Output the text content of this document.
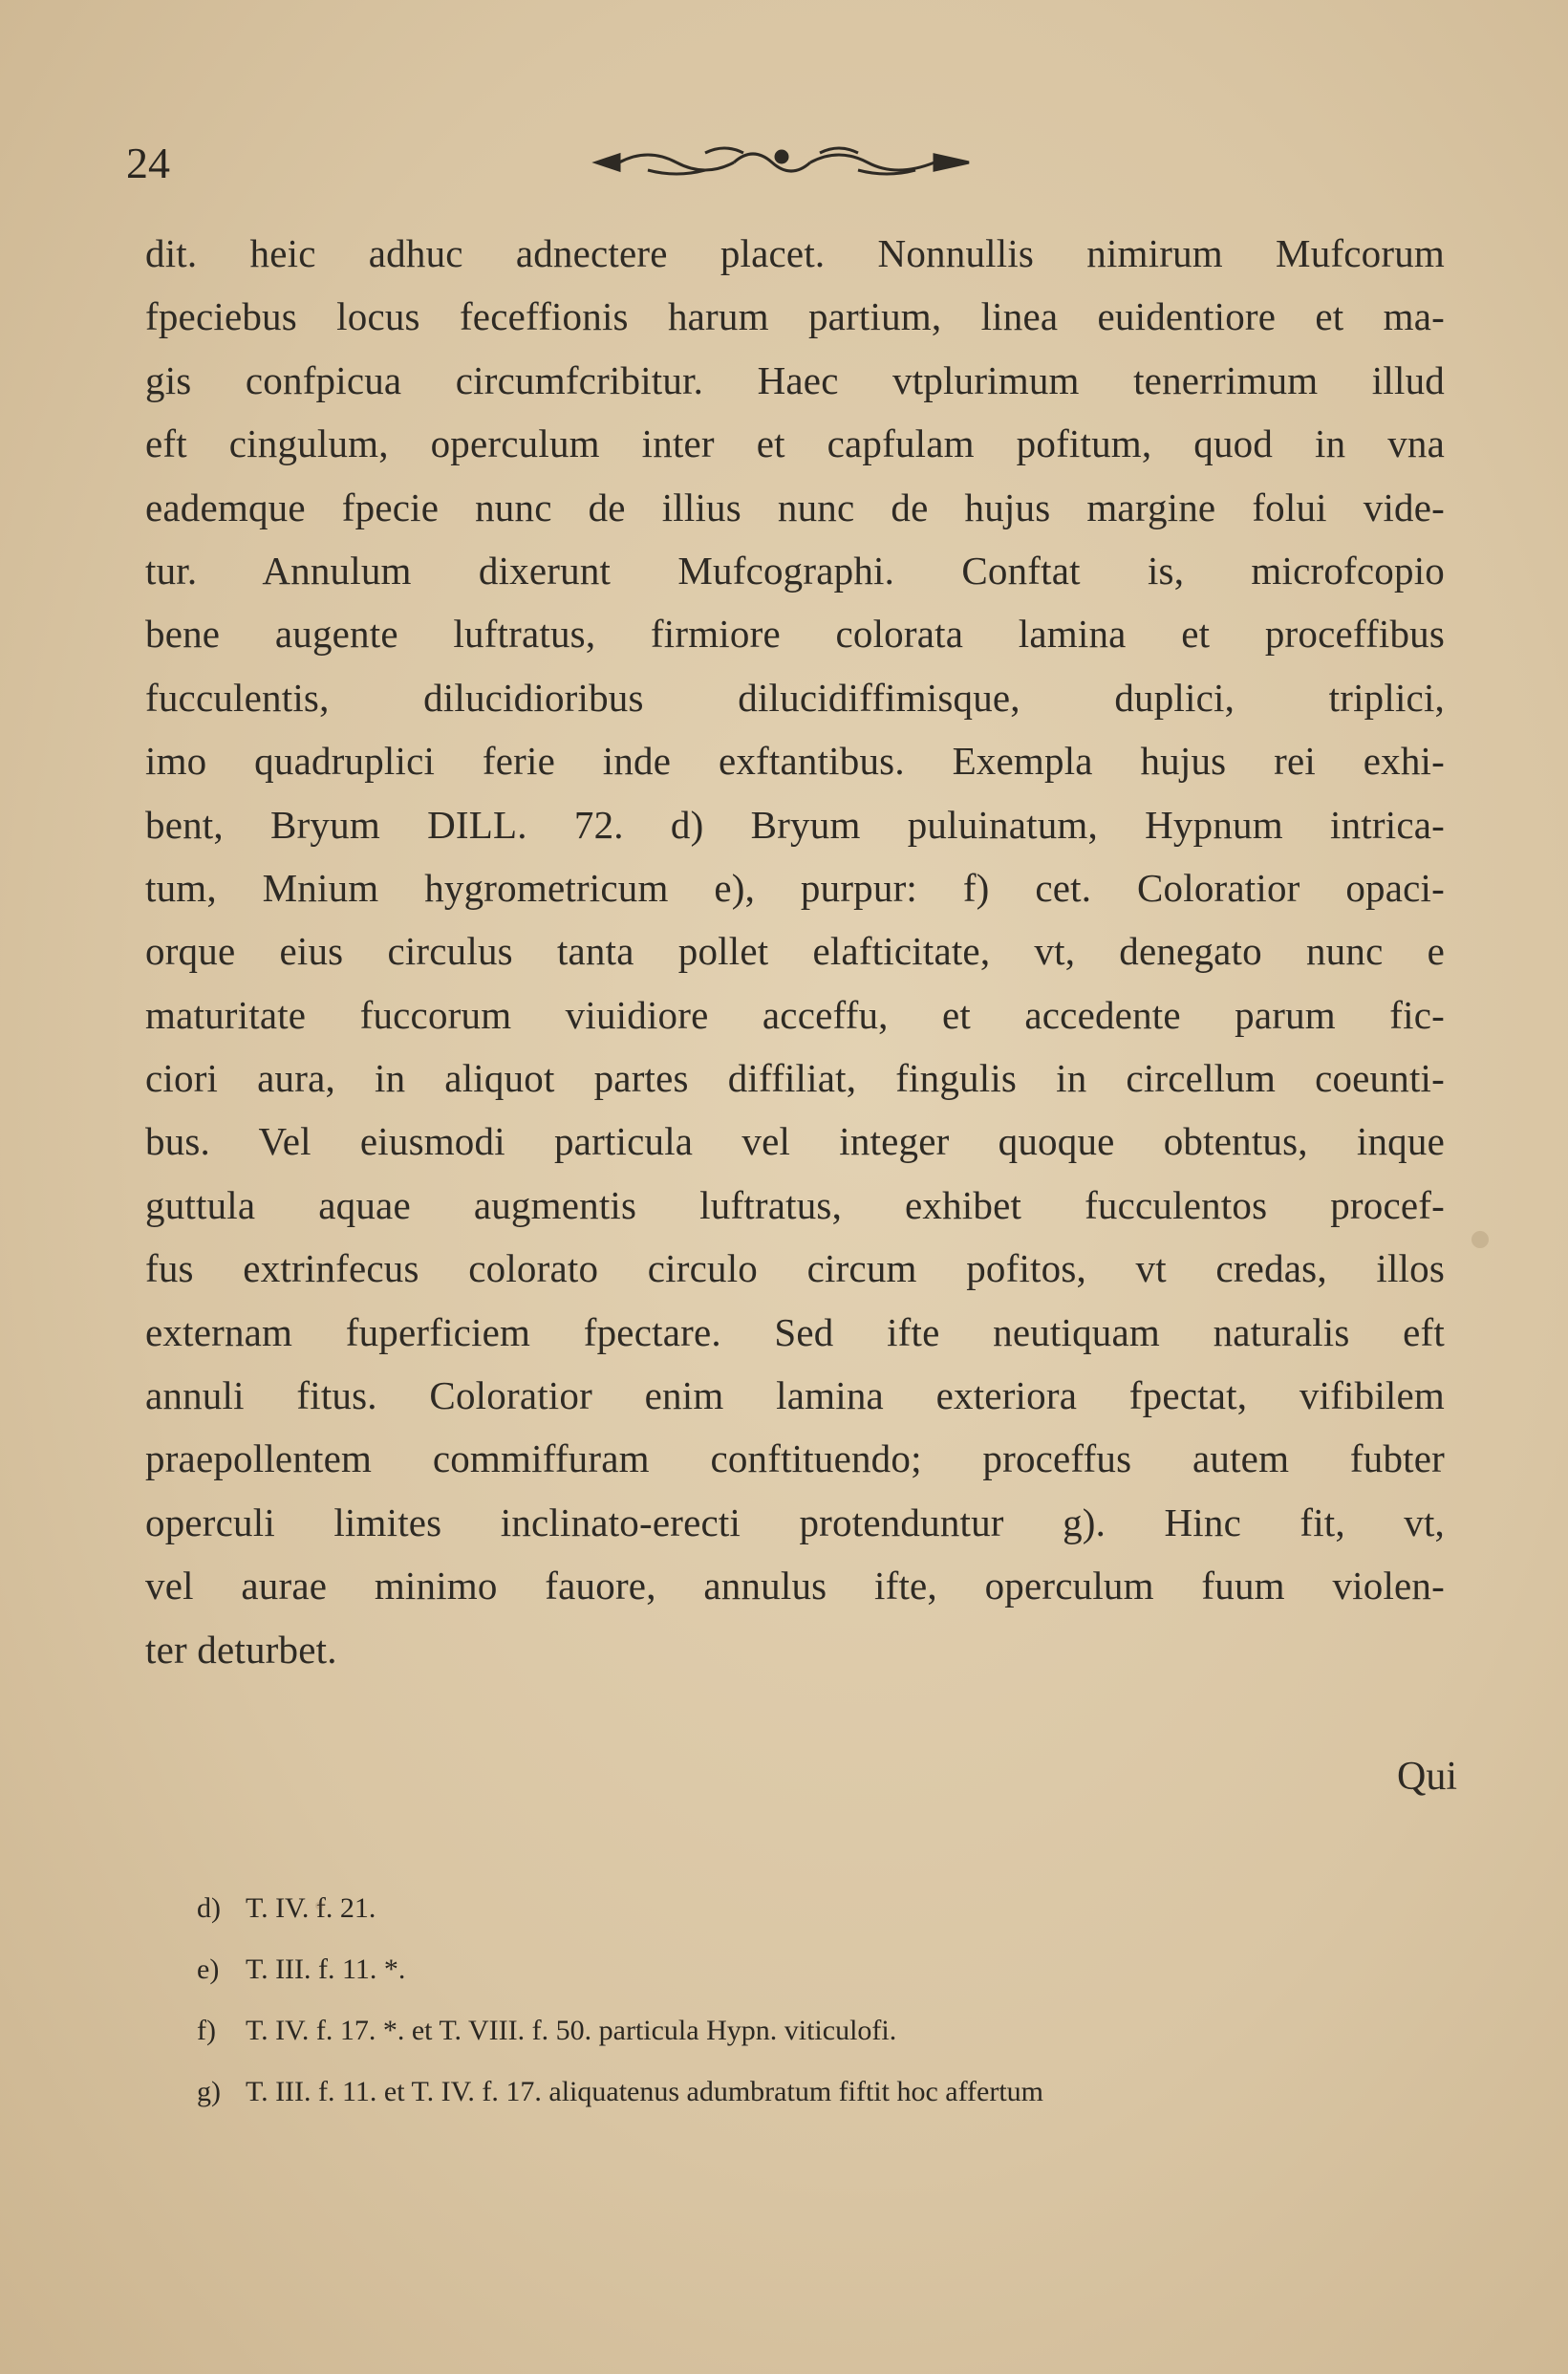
24
dit. heic adhuc adnectere placet. Nonnullis nimirum Mufcorum
fpeciebus locus feceffionis harum partium, linea euidentiore et ma-
gis confpicua circumfcribitur. Haec vtplurimum tenerrimum illud
eft cingulum, operculum inter et capfulam pofitum, quod in vna
eademque fpecie nunc de illius nunc de hujus margine folui vide-
tur. Annulum dixerunt Mufcographi. Conftat is, microfcopio
bene augente luftratus, firmiore colorata lamina et proceffibus
fucculentis, dilucidioribus dilucidiffimisque, duplici, triplici,
imo quadruplici ferie inde exftantibus. Exempla hujus rei exhi-
bent, Bryum DILL. 72. d) Bryum puluinatum, Hypnum intrica-
tum, Mnium hygrometricum e), purpur: f) cet. Coloratior opaci-
orque eius circulus tanta pollet elafticitate, vt, denegato nunc e
maturitate fuccorum viuidiore acceffu, et accedente parum fic-
ciori aura, in aliquot partes diffiliat, fingulis in circellum coeunti-
bus. Vel eiusmodi particula vel integer quoque obtentus, inque
guttula aquae augmentis luftratus, exhibet fucculentos procef-
fus extrinfecus colorato circulo circum pofitos, vt credas, illos
externam fuperficiem fpectare. Sed ifte neutiquam naturalis eft
annuli fitus. Coloratior enim lamina exteriora fpectat, vifibilem
praepollentem commiffuram conftituendo; proceffus autem fubter
operculi limites inclinato-erecti protenduntur g). Hinc fit, vt,
vel aurae minimo fauore, annulus ifte, operculum fuum violen-
ter deturbet.
Qui
d) T. IV. f. 21.
e) T. III. f. 11. *.
f) T. IV. f. 17. *. et T. VIII. f. 50. particula Hypn. viticulofi.
g) T. III. f. 11. et T. IV. f. 17. aliquatenus adumbratum fiftit hoc affertum
